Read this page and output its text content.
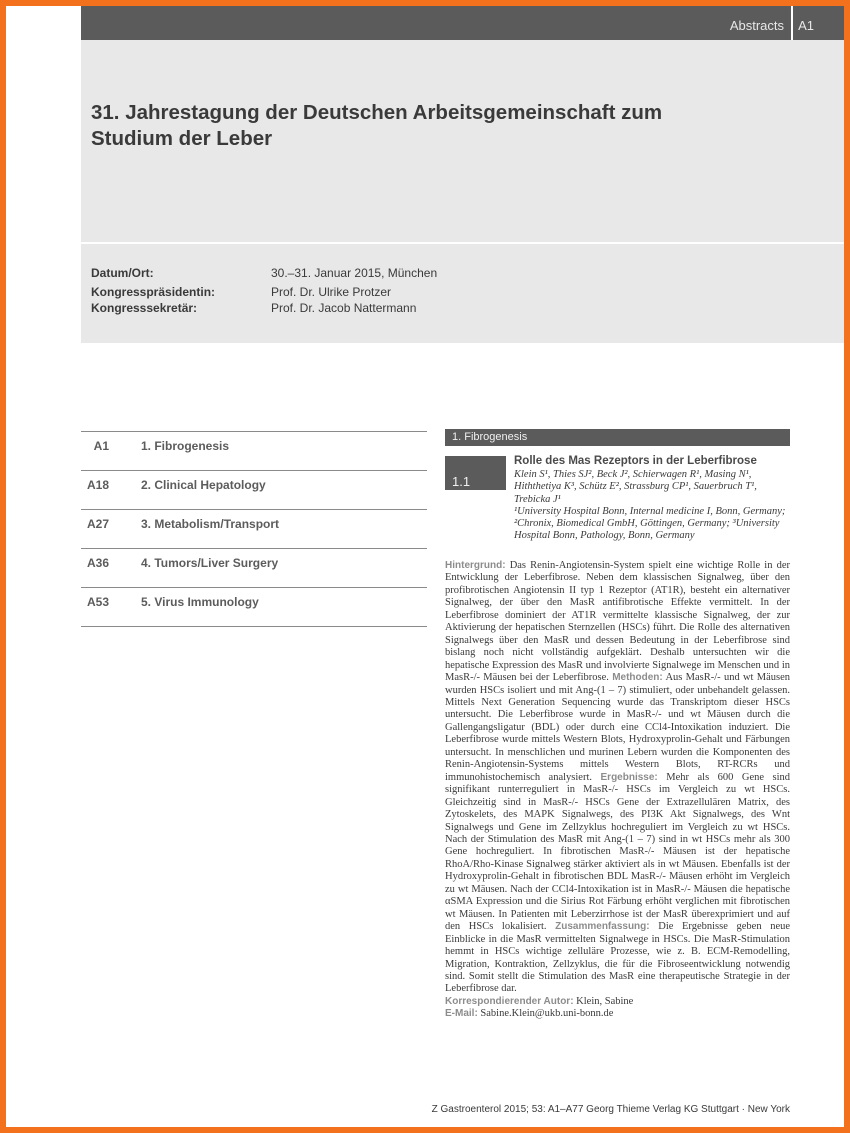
Abstracts A1
31. Jahrestagung der Deutschen Arbeitsgemeinschaft zum Studium der Leber
Datum/Ort:	30.–31. Januar 2015, München
Kongresspräsidentin:	Prof. Dr. Ulrike Protzer
Kongresssekretär:	Prof. Dr. Jacob Nattermann
A1	1. Fibrogenesis
A18	2. Clinical Hepatology
A27	3. Metabolism/Transport
A36	4. Tumors/Liver Surgery
A53	5. Virus Immunology
1. Fibrogenesis
1.1
Rolle des Mas Rezeptors in der Leberfibrose
Klein S¹, Thies SJ², Beck J², Schierwagen R¹, Masing N¹, Hiththetiya K³, Schütz E², Strassburg CP¹, Sauerbruch T¹, Trebicka J¹
¹University Hospital Bonn, Internal medicine I, Bonn, Germany; ²Chronix, Biomedical GmbH, Göttingen, Germany; ³University Hospital Bonn, Pathology, Bonn, Germany

Hintergrund: Das Renin-Angiotensin-System spielt eine wichtige Rolle in der Entwicklung der Leberfibrose. Neben dem klassischen Signalweg, über den profibrotischen Angiotensin II typ 1 Rezeptor (AT1R), besteht ein alternativer Signalweg, der über den MasR antifibrotische Effekte vermittelt. In der Leberfibrose dominiert der AT1R vermittelte klassische Signalweg, der zur Aktivierung der hepatischen Sternzellen (HSCs) führt. Die Rolle des alternativen Signalwegs über den MasR und dessen Bedeutung in der Leberfibrose sind bislang noch nicht vollständig aufgeklärt. Deshalb untersuchten wir die hepatische Expression des MasR und involvierte Signalwege im Menschen und in MasR-/- Mäusen bei der Leberfibrose. Methoden: Aus MasR-/- und wt Mäusen wurden HSCs isoliert und mit Ang-(1 – 7) stimuliert, oder unbehandelt gelassen. Mittels Next Generation Sequencing wurde das Transkriptom dieser HSCs untersucht. Die Leberfibrose wurde in MasR-/- und wt Mäusen durch die Gallengangsligatur (BDL) oder durch eine CCl4-Intoxikation induziert. Die Leberfibrose wurde mittels Western Blots, Hydroxyprolin-Gehalt und Färbungen untersucht. In menschlichen und murinen Lebern wurden die Komponenten des Renin-Angiotensin-Systems mittels Western Blots, RT-RCRs und immunohistochemisch analysiert. Ergebnisse: Mehr als 600 Gene sind signifikant runterreguliert in MasR-/- HSCs im Vergleich zu wt HSCs. Gleichzeitig sind in MasR-/- HSCs Gene der Extrazellulären Matrix, des Zytoskelets, des MAPK Signalwegs, des PI3K Akt Signalwegs, des Wnt Signalwegs und Gene im Zellzyklus hochreguliert im Vergleich zu wt HSCs. Nach der Stimulation des MasR mit Ang-(1 – 7) sind in wt HSCs mehr als 300 Gene hochreguliert. In fibrotischen MasR-/- Mäusen ist der hepatische RhoA/Rho-Kinase Signalweg stärker aktiviert als in wt Mäusen. Ebenfalls ist der Hydroxyprolin-Gehalt in fibrotischen BDL MasR-/- Mäusen erhöht im Vergleich zu wt Mäusen. Nach der CCl4-Intoxikation ist in MasR-/- Mäusen die hepatische αSMA Expression und die Sirius Rot Färbung erhöht verglichen mit fibrotischen wt Mäusen. In Patienten mit Leberzirrhose ist der MasR überexprimiert und auf den HSCs lokalisiert. Zusammenfassung: Die Ergebnisse geben neue Einblicke in die MasR vermittelten Signalwege in HSCs. Die MasR-Stimulation hemmt in HSCs wichtige zelluläre Prozesse, wie z. B. ECM-Remodelling, Migration, Kontraktion, Zellzyklus, die für die Fibroseentwicklung notwendig sind. Somit stellt die Stimulation des MasR eine therapeutische Strategie in der Leberfibrose dar.
Korrespondierender Autor: Klein, Sabine
E-Mail: Sabine.Klein@ukb.uni-bonn.de

Z Gastroenterol 2015; 53: A1–A77 Georg Thieme Verlag KG Stuttgart · New York
